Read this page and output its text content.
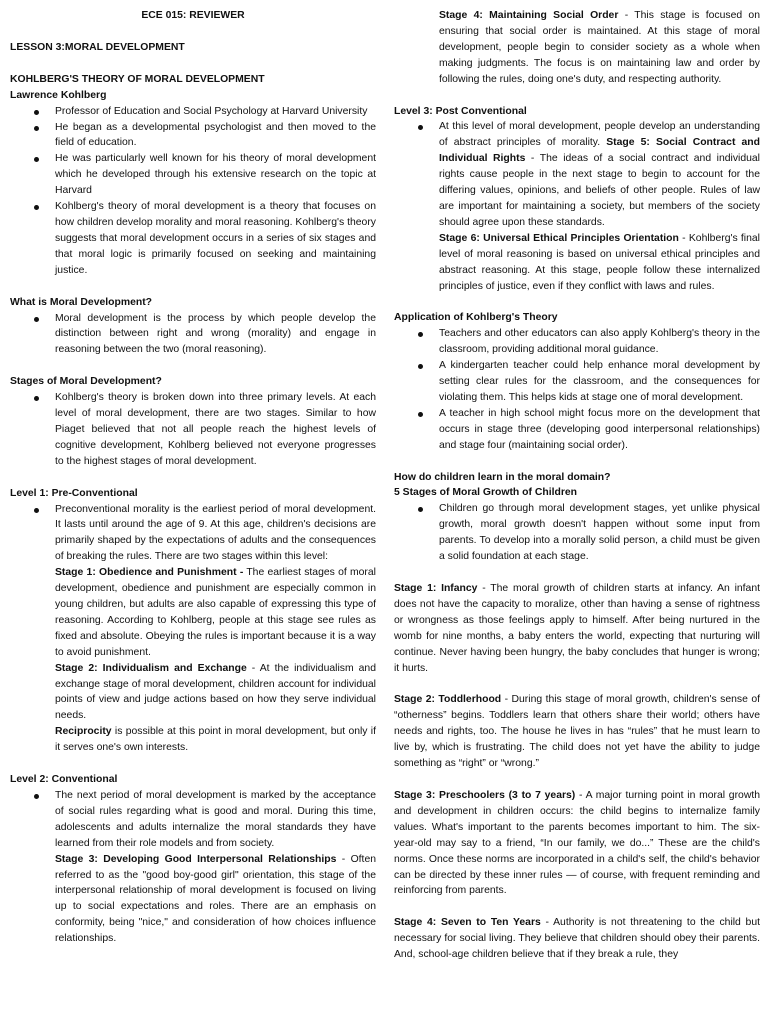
ECE 015: REVIEWER
LESSON 3:MORAL DEVELOPMENT
KOHLBERG'S THEORY OF MORAL DEVELOPMENT
Lawrence Kohlberg
Professor of Education and Social Psychology at Harvard University
He began as a developmental psychologist and then moved to the field of education.
He was particularly well known for his theory of moral development which he developed through his extensive research on the topic at Harvard
Kohlberg's theory of moral development is a theory that focuses on how children develop morality and moral reasoning. Kohlberg's theory suggests that moral development occurs in a series of six stages and that moral logic is primarily focused on seeking and maintaining justice.
What is Moral Development?
Moral development is the process by which people develop the distinction between right and wrong (morality) and engage in reasoning between the two (moral reasoning).
Stages of Moral Development?
Kohlberg's theory is broken down into three primary levels. At each level of moral development, there are two stages. Similar to how Piaget believed that not all people reach the highest levels of cognitive development, Kohlberg believed not everyone progresses to the highest stages of moral development.
Level 1: Pre-Conventional
Preconventional morality is the earliest period of moral development. It lasts until around the age of 9. At this age, children's decisions are primarily shaped by the expectations of adults and the consequences of breaking the rules. There are two stages within this level:

Stage 1: Obedience and Punishment - The earliest stages of moral development, obedience and punishment are especially common in young children, but adults are also capable of expressing this type of reasoning. According to Kohlberg, people at this stage see rules as fixed and absolute. Obeying the rules is important because it is a way to avoid punishment.

Stage 2: Individualism and Exchange - At the individualism and exchange stage of moral development, children account for individual points of view and judge actions based on how they serve individual needs.

Reciprocity is possible at this point in moral development, but only if it serves one's own interests.

Level 2: Conventional
The next period of moral development is marked by the acceptance of social rules regarding what is good and moral. During this time, adolescents and adults internalize the moral standards they have learned from their role models and from society.

Stage 3: Developing Good Interpersonal Relationships - Often referred to as the "good boy-good girl" orientation, this stage of the interpersonal relationship of moral development is focused on living up to social expectations and roles. There are an emphasis on conformity, being "nice," and consideration of how choices influence relationships.

Stage 4: Maintaining Social Order - This stage is focused on ensuring that social order is maintained. At this stage of moral development, people begin to consider society as a whole when making judgments. The focus is on maintaining law and order by following the rules, doing one's duty, and respecting authority.

Level 3: Post Conventional
At this level of moral development, people develop an understanding of abstract principles of morality. Stage 5: Social Contract and Individual Rights - The ideas of a social contract and individual rights cause people in the next stage to begin to account for the differing values, opinions, and beliefs of other people. Rules of law are important for maintaining a society, but members of the society should agree upon these standards.

Stage 6: Universal Ethical Principles Orientation - Kohlberg's final level of moral reasoning is based on universal ethical principles and abstract reasoning. At this stage, people follow these internalized principles of justice, even if they conflict with laws and rules.

Application of Kohlberg's Theory
Teachers and other educators can also apply Kohlberg's theory in the classroom, providing additional moral guidance.
A kindergarten teacher could help enhance moral development by setting clear rules for the classroom, and the consequences for violating them. This helps kids at stage one of moral development.
A teacher in high school might focus more on the development that occurs in stage three (developing good interpersonal relationships) and stage four (maintaining social order).
How do children learn in the moral domain?
5 Stages of Moral Growth of Children
Children go through moral development stages, yet unlike physical growth, moral growth doesn't happen without some input from parents. To develop into a morally solid person, a child must be given a solid foundation at each stage.

Stage 1: Infancy - The moral growth of children starts at infancy. An infant does not have the capacity to moralize, other than having a sense of rightness or wrongness as those feelings apply to himself. After being nurtured in the womb for nine months, a baby enters the world, expecting that nurturing will continue. Never having been hungry, the baby concludes that hunger is wrong; it hurts.

Stage 2: Toddlerhood - During this stage of moral growth, children's sense of “otherness” begins. Toddlers learn that others share their world; others have needs and rights, too. The house he lives in has “rules” that he must learn to live by, which is frustrating. The child does not yet have the ability to judge something as “right” or “wrong.”

Stage 3: Preschoolers (3 to 7 years) - A major turning point in moral growth and development in children occurs: the child begins to internalize family values. What's important to the parents becomes important to him. The six-year-old may say to a friend, “In our family, we do...” These are the child's norms. Once these norms are incorporated in a child's self, the child's behavior can be directed by these inner rules — of course, with frequent reminding and reinforcing from parents.

Stage 4: Seven to Ten Years - Authority is not threatening to the child but necessary for social living. They believe that children should obey their parents. And, school-age children believe that if they break a rule, they
